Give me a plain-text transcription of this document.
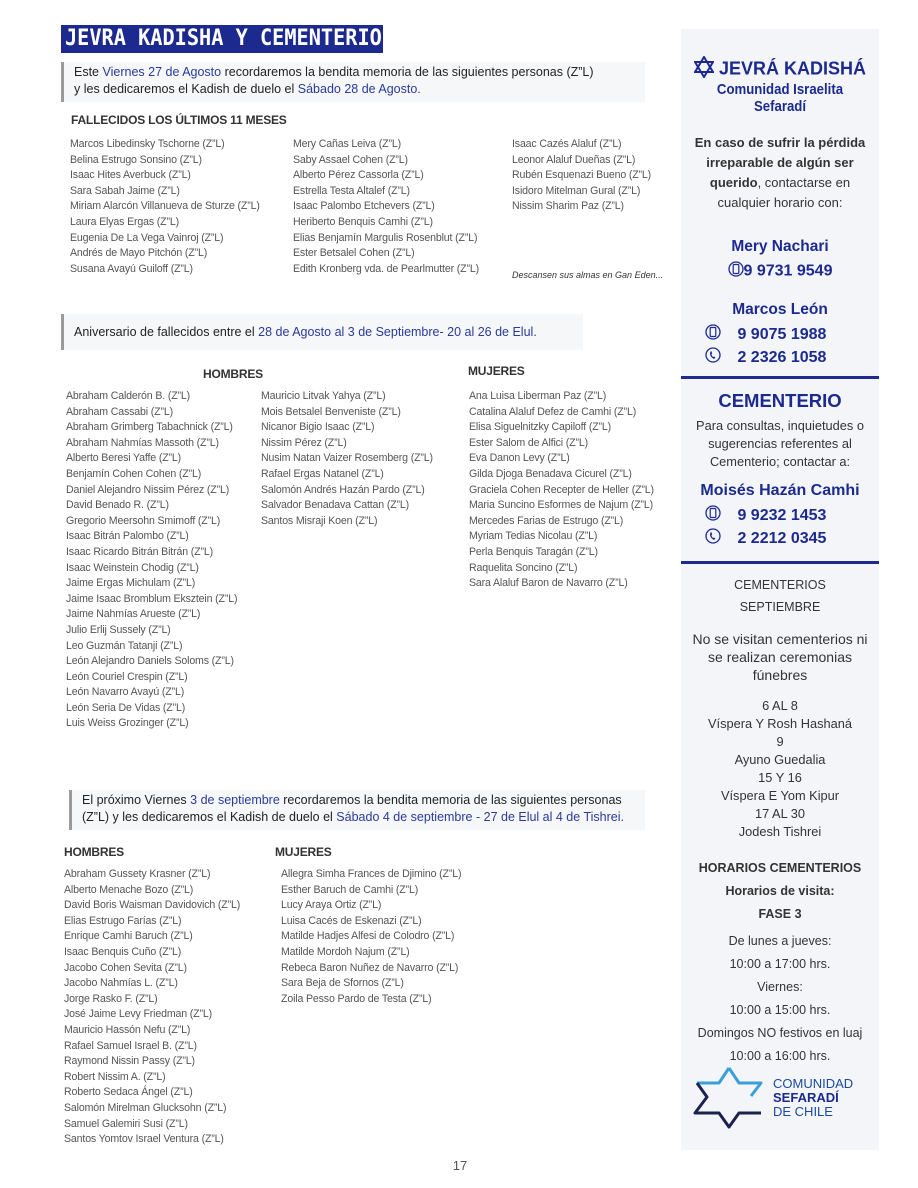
JEVRA KADISHA Y CEMENTERIO
Este Viernes 27 de Agosto recordaremos la bendita memoria de las siguientes personas (Z”L)
y les dedicaremos el Kadish de duelo el Sábado 28 de Agosto.
FALLECIDOS LOS ÚLTIMOS 11 MESES
Marcos Libedinsky Tschorne (Z”L)
Belina Estrugo Sonsino (Z”L)
Isaac Hites Averbuck (Z”L)
Sara Sabah Jaime (Z”L)
Miriam Alarcón Villanueva de Sturze (Z”L)
Laura Elyas Ergas (Z”L)
Eugenia De La Vega Vainroj (Z”L)
Andrés de Mayo Pitchón (Z”L)
Susana Avayú Guiloff (Z”L)
Mery Cañas Leiva (Z”L)
Saby Assael Cohen (Z”L)
Alberto Pérez Cassorla (Z”L)
Estrella Testa Altalef (Z”L)
Isaac Palombo Etchevers (Z”L)
Heriberto Benquis Camhi (Z”L)
Elias Benjamín Margulis Rosenblut (Z”L)
Ester Betsalel Cohen (Z”L)
Edith Kronberg vda. de Pearlmutter (Z”L)
Isaac Cazés Alaluf (Z”L)
Leonor Alaluf Dueñas (Z”L)
Rubén Esquenazi Bueno (Z”L)
Isidoro Mitelman Gural (Z”L)
Nissim Sharim Paz (Z”L)
Descansen sus almas en Gan Eden...
Aniversario de fallecidos entre el 28 de Agosto al 3 de Septiembre- 20 al 26 de Elul.
HOMBRES	MUJERES
Abraham Calderón B. (Z”L)
Abraham Cassabi (Z”L)
Abraham Grimberg Tabachnick (Z”L)
Abraham Nahmías Massoth (Z”L)
Alberto Beresi Yaffe (Z”L)
Benjamín Cohen Cohen (Z”L)
Daniel Alejandro Nissim Pérez (Z”L)
David Benado R. (Z”L)
Gregorio Meersohn Smimoff (Z”L)
Isaac Bitrán Palombo (Z”L)
Isaac Ricardo Bitrán Bitrán (Z”L)
Isaac Weinstein Chodig (Z”L)
Jaime Ergas Michulam (Z”L)
Jaime Isaac Bromblum Eksztein (Z”L)
Jaime Nahmías Arueste (Z”L)
Julio Erlij Sussely (Z”L)
Leo Guzmán Tatanji (Z”L)
León Alejandro Daniels Soloms (Z”L)
León Couriel Crespin (Z”L)
León Navarro Avayú (Z”L)
León Seria De Vidas (Z”L)
Luis Weiss Grozinger (Z”L)
Mauricio Litvak Yahya (Z”L)
Mois Betsalel Benveniste (Z”L)
Nicanor Bigio Isaac (Z”L)
Nissim Pérez (Z”L)
Nusim Natan Vaizer Rosemberg (Z”L)
Rafael Ergas Natanel (Z”L)
Salomón Andrés Hazán Pardo (Z”L)
Salvador Benadava Cattan (Z”L)
Santos Misraji Koen (Z”L)
Ana Luisa Liberman Paz (Z”L)
Catalina Alaluf Defez de Camhi (Z”L)
Elisa Siguelnitzky Capiloff (Z”L)
Ester Salom de Alfici (Z”L)
Eva Danon Levy (Z”L)
Gilda Djoga Benadava Cicurel (Z”L)
Graciela Cohen Recepter de Heller (Z”L)
Maria Suncino Esformes de Najum (Z”L)
Mercedes Farias de Estrugo (Z”L)
Myriam Tedias Nicolau (Z”L)
Perla Benquis Taragán (Z”L)
Raquelita Soncino (Z”L)
Sara Alaluf Baron de Navarro (Z”L)
El próximo Viernes 3 de septiembre recordaremos la bendita memoria de las siguientes personas
(Z”L) y les dedicaremos el Kadish de duelo el Sábado 4 de septiembre - 27 de Elul al 4 de Tishrei.
HOMBRES	MUJERES
Abraham Gussety Krasner (Z”L)
Alberto Menache Bozo (Z”L)
David Boris Waisman Davidovich (Z”L)
Elias Estrugo Farías (Z”L)
Enrique Camhi Baruch (Z”L)
Isaac Benquis Cuño (Z”L)
Jacobo Cohen Sevita (Z”L)
Jacobo Nahmías L. (Z”L)
Jorge Rasko F. (Z”L)
José Jaime Levy Friedman (Z”L)
Mauricio Hassón Nefu (Z”L)
Rafael Samuel Israel B. (Z”L)
Raymond Nissin Passy (Z”L)
Robert Nissim A. (Z”L)
Roberto Sedaca Ángel (Z”L)
Salomón Mirelman Glucksohn (Z”L)
Samuel Galemiri Susi (Z”L)
Santos Yomtov Israel Ventura (Z”L)
Allegra Simha Frances de Djimino (Z”L)
Esther Baruch de Camhi (Z”L)
Lucy Araya Ortiz (Z”L)
Luisa Cacés de Eskenazi (Z”L)
Matilde Hadjes Alfesi de Colodro (Z”L)
Matilde Mordoh Najum (Z”L)
Rebeca Baron Nuñez de Navarro (Z”L)
Sara Beja de Sfornos (Z”L)
Zoila Pesso Pardo de Testa (Z”L)
JEVRÁ KADISHÁ
Comunidad Israelita Sefaradí
En caso de sufrir la pérdida irreparable de algún ser querido, contactarse en cualquier horario con:
Mery Nachari
9 9731 9549
Marcos León
9 9075 1988
2 2326 1058
CEMENTERIO
Para consultas, inquietudes o sugerencias referentes al Cementerio; contactar a:
Moisés Hazán Camhi
9 9232 1453
2 2212 0345
CEMENTERIOS
SEPTIEMBRE
No se visitan cementerios ni se realizan ceremonias fúnebres
6 AL 8
Víspera Y Rosh Hashaná
9
Ayuno Guedalia
15 Y 16
Víspera E Yom Kipur
17 AL 30
Jodesh Tishrei
HORARIOS CEMENTERIOS
Horarios de visita:
FASE 3
De lunes a jueves:
10:00 a 17:00 hrs.
Viernes:
10:00 a 15:00 hrs.
Domingos NO festivos en luaj
10:00 a 16:00 hrs.
COMUNIDAD
SEFARADÍ
DE CHILE
17
